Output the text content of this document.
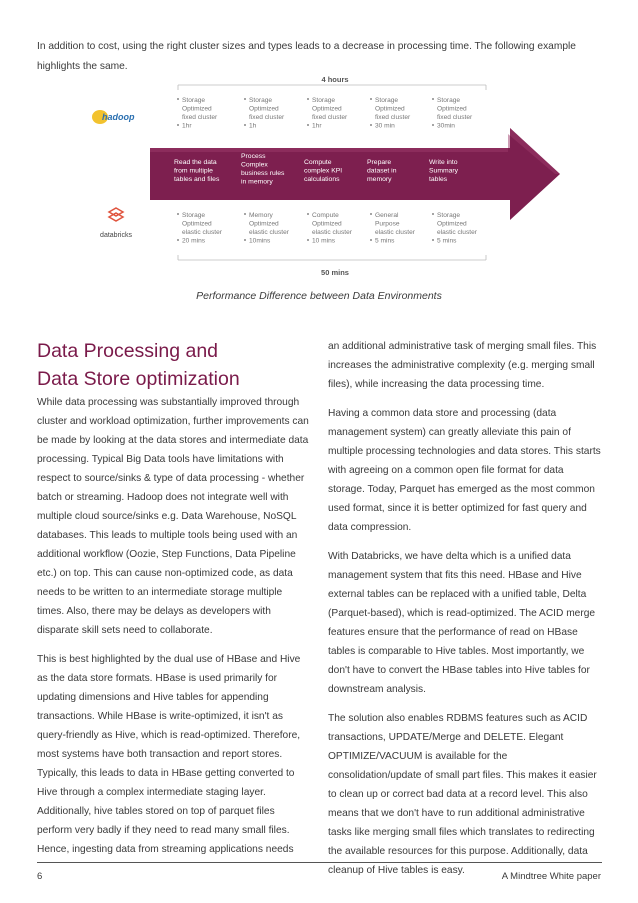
In addition to cost, using the right cluster sizes and types leads to a decrease in processing time. The following example highlights the same.

4 hours
50 mins
hadoop
databricks
Storage
Optimized
fixed cluster
1hr
Storage
Optimized
fixed cluster
1h
Storage
Optimized
fixed cluster
1hr
Storage
Optimized
fixed cluster
30 min
Storage
Optimized
fixed cluster
30min
Read the data
from multiple
tables and files
Process
Complex
business rules
in memory
Compute
complex KPI
calculations
Prepare
dataset in
memory
Write into
Summary
tables
Storage
Optimized
elastic cluster
20 mins
Memory
Optimized
elastic cluster
10mins
Compute
Optimized
elastic cluster
10 mins
General
Purpose
elastic cluster
5 mins
Storage
Optimized
elastic cluster
5 mins

Performance Difference between Data Environments

Data Processing and
Data Store optimization

While data processing was substantially improved through cluster and workload optimization, further improvements can be made by looking at the data stores and intermediate data processing. Typical Big Data tools have limitations with respect to source/sinks & type of data processing - whether batch or streaming. Hadoop does not integrate well with multiple cloud source/sinks e.g. Data Warehouse, NoSQL databases. This leads to multiple tools being used with an additional workflow (Oozie, Step Functions, Data Pipeline etc.) on top. This can cause non-optimized code, as data needs to be written to an intermediate storage multiple times. Also, there may be delays as developers with disparate skill sets need to collaborate.

This is best highlighted by the dual use of HBase and Hive as the data store formats. HBase is used primarily for updating dimensions and Hive tables for appending transactions. While HBase is write-optimized, it isn't as query-friendly as Hive, which is read-optimized. Therefore, most systems have both transaction and report stores. Typically, this leads to data in HBase getting converted to Hive through a complex intermediate staging layer. Additionally, hive tables stored on top of parquet files perform very badly if they need to read many small files. Hence, ingesting data from streaming applications needs

an additional administrative task of merging small files. This increases the administrative complexity (e.g. merging small files), while increasing the data processing time.

Having a common data store and processing (data management system) can greatly alleviate this pain of multiple processing technologies and data stores. This starts with agreeing on a common open file format for data storage. Today, Parquet has emerged as the most common used format, since it is better optimized for fast query and data compression.

With Databricks, we have delta which is a unified data management system that fits this need. HBase and Hive external tables can be replaced with a unified table, Delta (Parquet-based), which is read-optimized. The ACID merge features ensure that the performance of read on HBase tables is comparable to Hive tables. Most importantly, we don't have to convert the HBase tables into Hive tables for downstream analysis.

The solution also enables RDBMS features such as ACID transactions, UPDATE/Merge and DELETE. Elegant OPTIMIZE/VACUUM is available for the consolidation/update of small part files. This makes it easier to clean up or correct bad data at a record level. This also means that we don't have to run additional administrative tasks like merging small files which translates to redirecting the available resources for this purpose. Additionally, data cleanup of Hive tables is easy.

6	A Mindtree White paper
